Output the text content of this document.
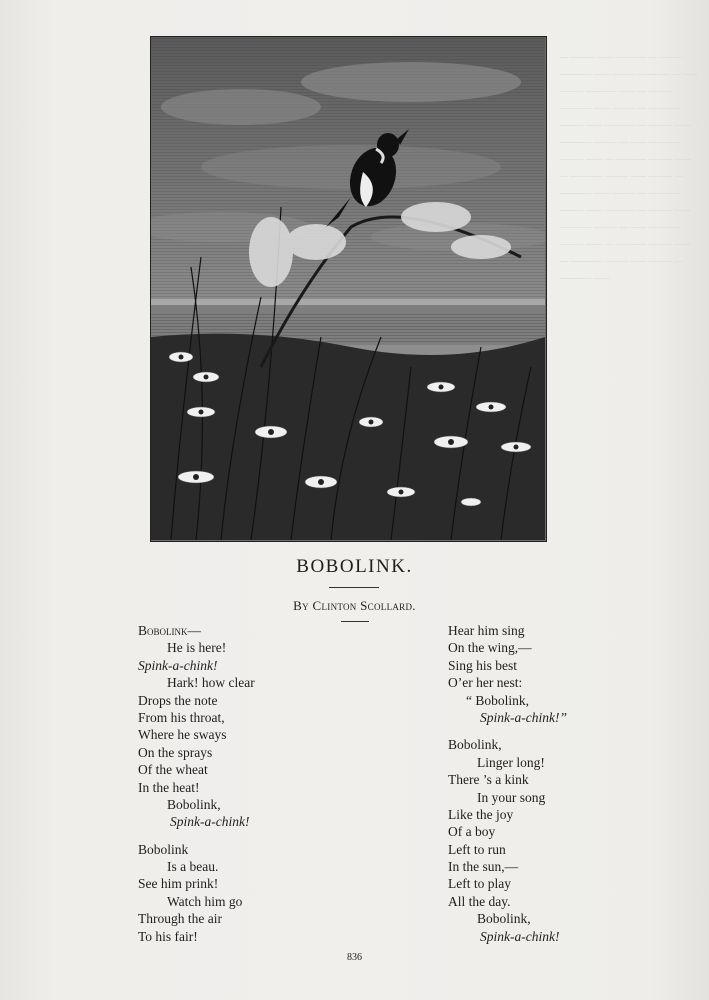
─ ─── ── ──── ─ ─── ──── ── ─── ──── ─ ── ─── ──── ── ─ ─── ──── ── ─── ─ ──── ─── ── ──── ─ ─── ── ──── ─── ─ ── ──── ─── ── ─ ──── ─── ── ─ ──── ─── ── ─── ─ ──── ── ─── ─ ──── ─── ── ──── ─ ─── ── ──── ─── ─ ── ──── ─── ── ─ ──── ─── ── ─ ──── ─── ── ─── ─ ──── ──
BOBOLINK.
By Clinton Scollard.
Bobolink—
He is here!
Spink-a-chink!
Hark! how clear
Drops the note
From his throat,
Where he sways
On the sprays
Of the wheat
In the heat!
Bobolink,
Spink-a-chink!
Bobolink
Is a beau.
See him prink!
Watch him go
Through the air
To his fair!
Hear him sing
On the wing,—
Sing his best
O’er her nest:
“ Bobolink,
Spink-a-chink!”
Bobolink,
Linger long!
There ’s a kink
In your song
Like the joy
Of a boy
Left to run
In the sun,—
Left to play
All the day.
Bobolink,
Spink-a-chink!
836
